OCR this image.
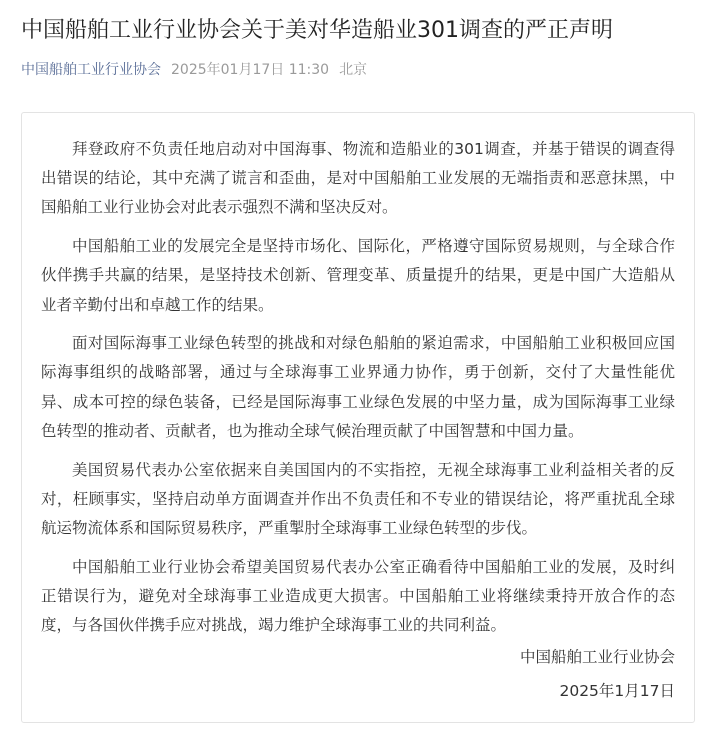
中国船舶工业行业协会关于美对华造船业301调查的严正声明
中国船舶工业行业协会 2025年01月17日 11:30 北京

拜登政府不负责任地启动对中国海事、物流和造船业的301调查，并基于错误的调查得出错误的结论，其中充满了谎言和歪曲，是对中国船舶工业发展的无端指责和恶意抹黑，中国船舶工业行业协会对此表示强烈不满和坚决反对。

中国船舶工业的发展完全是坚持市场化、国际化，严格遵守国际贸易规则，与全球合作伙伴携手共赢的结果，是坚持技术创新、管理变革、质量提升的结果，更是中国广大造船从业者辛勤付出和卓越工作的结果。

面对国际海事工业绿色转型的挑战和对绿色船舶的紧迫需求，中国船舶工业积极回应国际海事组织的战略部署，通过与全球海事工业界通力协作，勇于创新，交付了大量性能优异、成本可控的绿色装备，已经是国际海事工业绿色发展的中坚力量，成为国际海事工业绿色转型的推动者、贡献者，也为推动全球气候治理贡献了中国智慧和中国力量。

美国贸易代表办公室依据来自美国国内的不实指控，无视全球海事工业利益相关者的反对，枉顾事实，坚持启动单方面调查并作出不负责任和不专业的错误结论，将严重扰乱全球航运物流体系和国际贸易秩序，严重掣肘全球海事工业绿色转型的步伐。

中国船舶工业行业协会希望美国贸易代表办公室正确看待中国船舶工业的发展，及时纠正错误行为，避免对全球海事工业造成更大损害。中国船舶工业将继续秉持开放合作的态度，与各国伙伴携手应对挑战，竭力维护全球海事工业的共同利益。

中国船舶工业行业协会
2025年1月17日
